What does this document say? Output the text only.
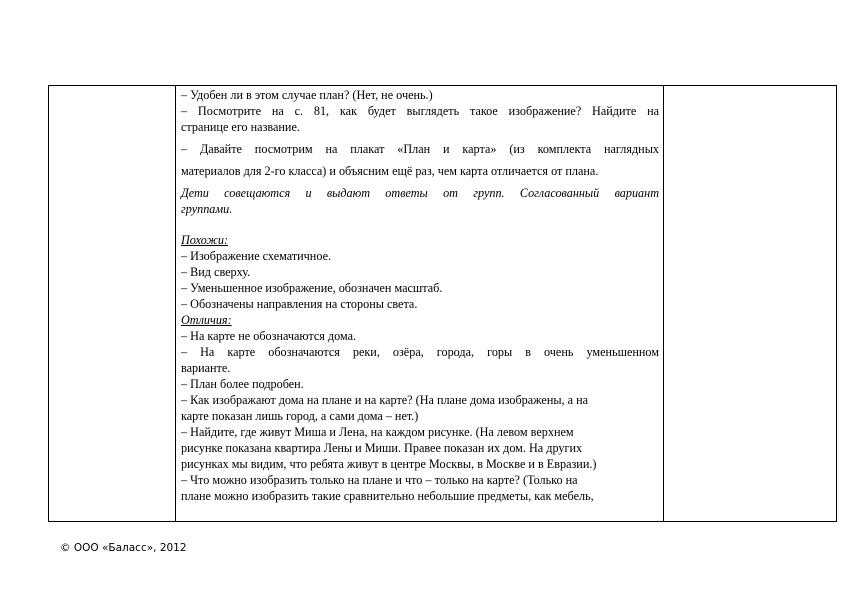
– Удобен ли в этом случае план? (Нет, не очень.)
– Посмотрите на с. 81, как будет выглядеть такое изображение? Найдите на
странице его название.
– Давайте посмотрим на плакат «План и карта» (из комплекта наглядных
материалов для 2-го класса) и объясним ещё раз, чем карта отличается от плана.
Дети совещаются и выдают ответы от групп. Согласованный вариант
группами.
Похожи:
– Изображение схематичное.
– Вид сверху.
– Уменьшенное изображение, обозначен масштаб.
– Обозначены направления на стороны света.
Отличия:
– На карте не обозначаются дома.
– На карте обозначаются реки, озёра, города, горы в очень уменьшенном
варианте.
– План более подробен.
– Как изображают дома на плане и на карте? (На плане дома изображены, а на
карте показан лишь город, а сами дома – нет.)
– Найдите, где живут Миша и Лена, на каждом рисунке. (На левом верхнем
рисунке показана квартира Лены и Миши. Правее показан их дом. На других
рисунках мы видим, что ребята живут в центре Москвы, в Москве и в Евразии.)
– Что можно изобразить только на плане и что – только на карте? (Только на
плане можно изобразить такие сравнительно небольшие предметы, как мебель,
© ООО «Баласс», 2012
